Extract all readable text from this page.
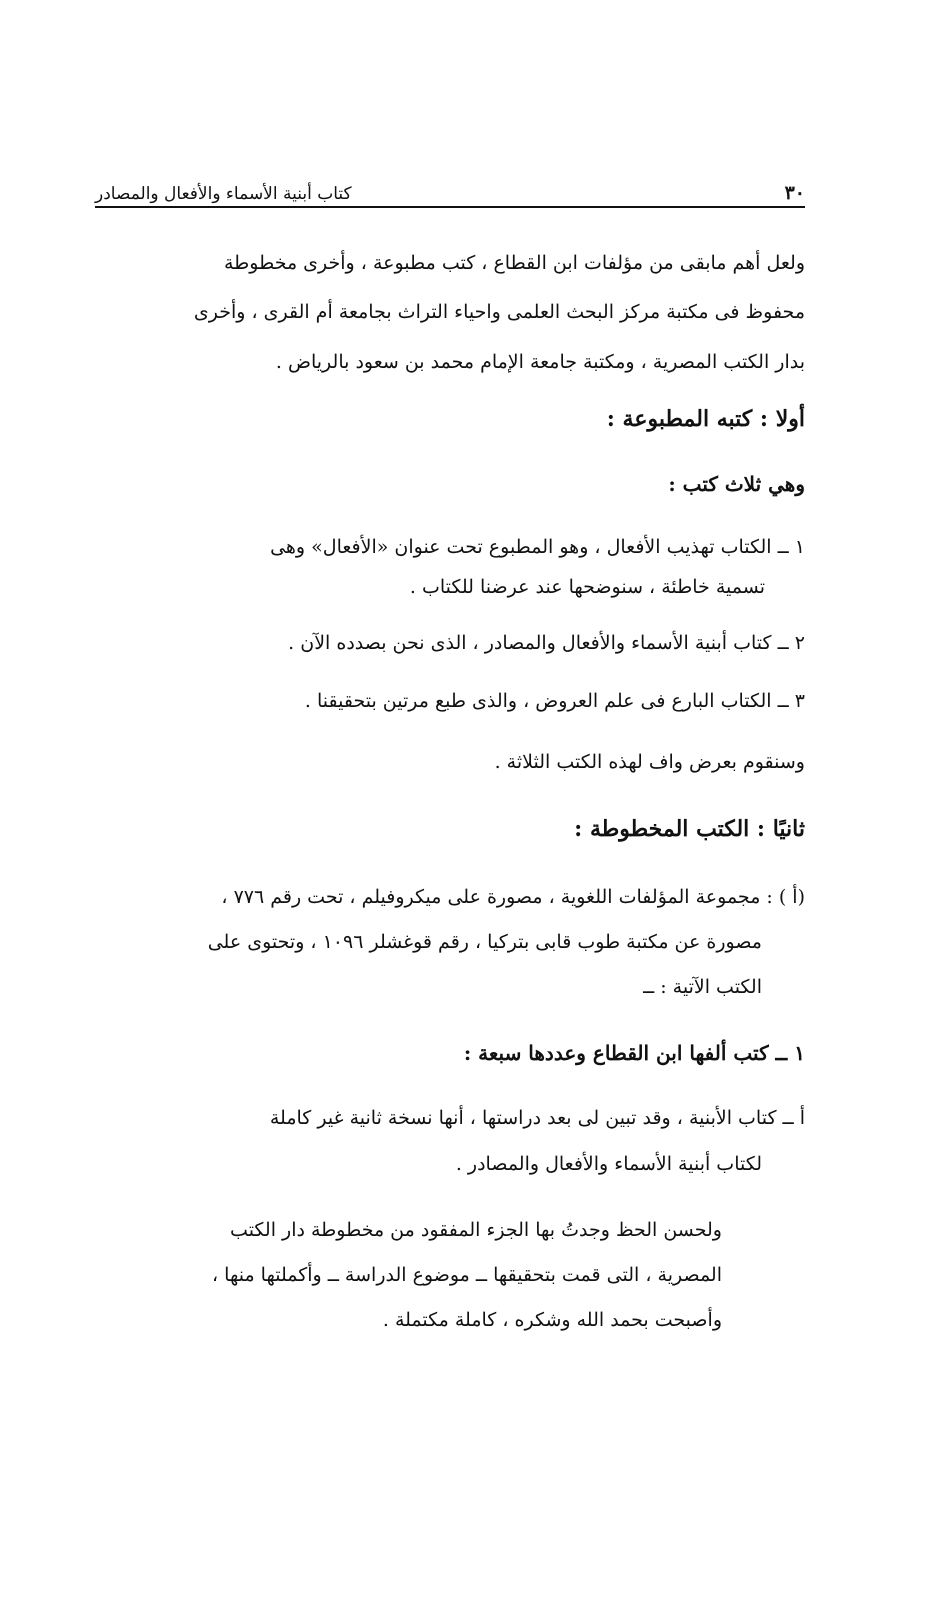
٣٠
كتاب أبنية الأسماء والأفعال والمصادر
ولعل أهم مابقى من مؤلفات ابن القطاع ، كتب مطبوعة ، وأخرى مخطوطة
محفوظ فى مكتبة مركز البحث العلمى واحياء التراث بجامعة أم القرى ، وأخرى
بدار الكتب المصرية ، ومكتبة جامعة الإمام محمد بن سعود بالرياض .
أولا : كتبه المطبوعة :
وهي ثلاث كتب :
١ ــ الكتاب تهذيب الأفعال ، وهو المطبوع تحت عنوان «الأفعال» وهى
تسمية خاطئة ، سنوضحها عند عرضنا للكتاب .
٢ ــ كتاب أبنية الأسماء والأفعال والمصادر ، الذى نحن بصدده الآن .
٣ ــ الكتاب البارع فى علم العروض ، والذى طبع مرتين بتحقيقنا .
وسنقوم بعرض واف لهذه الكتب الثلاثة .
ثانيًا : الكتب المخطوطة :
(أ ) : مجموعة المؤلفات اللغوية ، مصورة على ميكروفيلم ، تحت رقم ٧٧٦ ،
مصورة عن مكتبة طوب قابى بتركيا ، رقم قوغشلر ١٠٩٦ ، وتحتوى على
الكتب الآتية : ــ
١ ــ كتب ألفها ابن القطاع وعددها سبعة :
أ ــ كتاب الأبنية ، وقد تبين لى بعد دراستها ، أنها نسخة ثانية غير كاملة
لكتاب أبنية الأسماء والأفعال والمصادر .
ولحسن الحظ وجدتُ بها الجزء المفقود من مخطوطة دار الكتب
المصرية ، التى قمت بتحقيقها ــ موضوع الدراسة ــ وأكملتها منها ،
وأصبحت بحمد الله وشكره ، كاملة مكتملة .
